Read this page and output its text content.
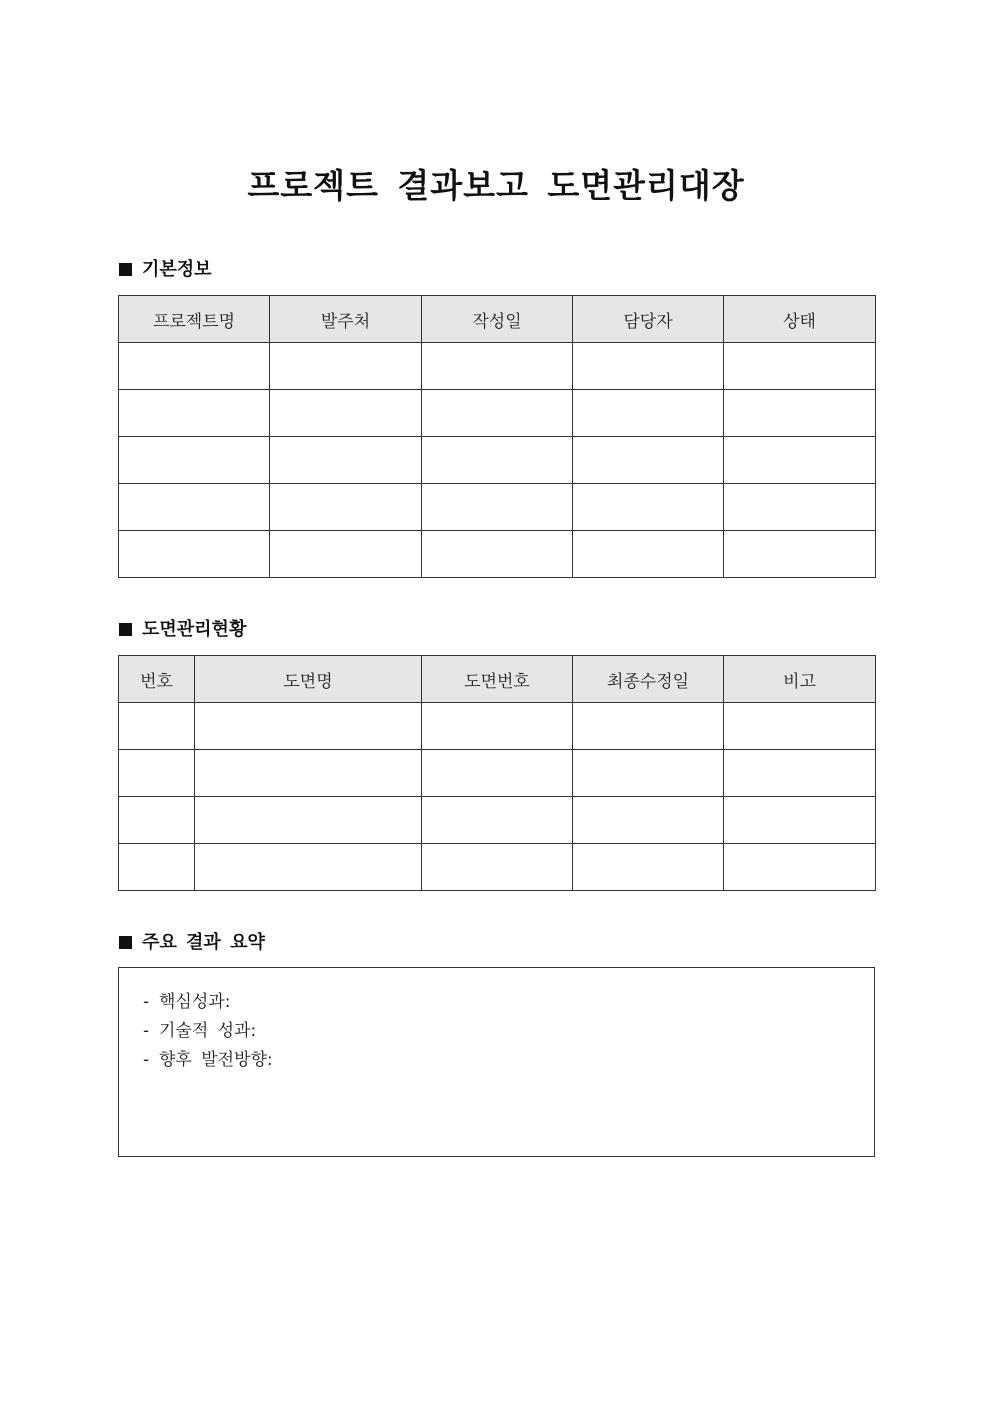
프로젝트 결과보고 도면관리대장
기본정보
프로젝트명	발주처	작성일	담당자	상태

도면관리현황
번호	도면명	도면번호	최종수정일	비고

주요 결과 요약
- 핵심성과:
- 기술적 성과:
- 향후 발전방향:
